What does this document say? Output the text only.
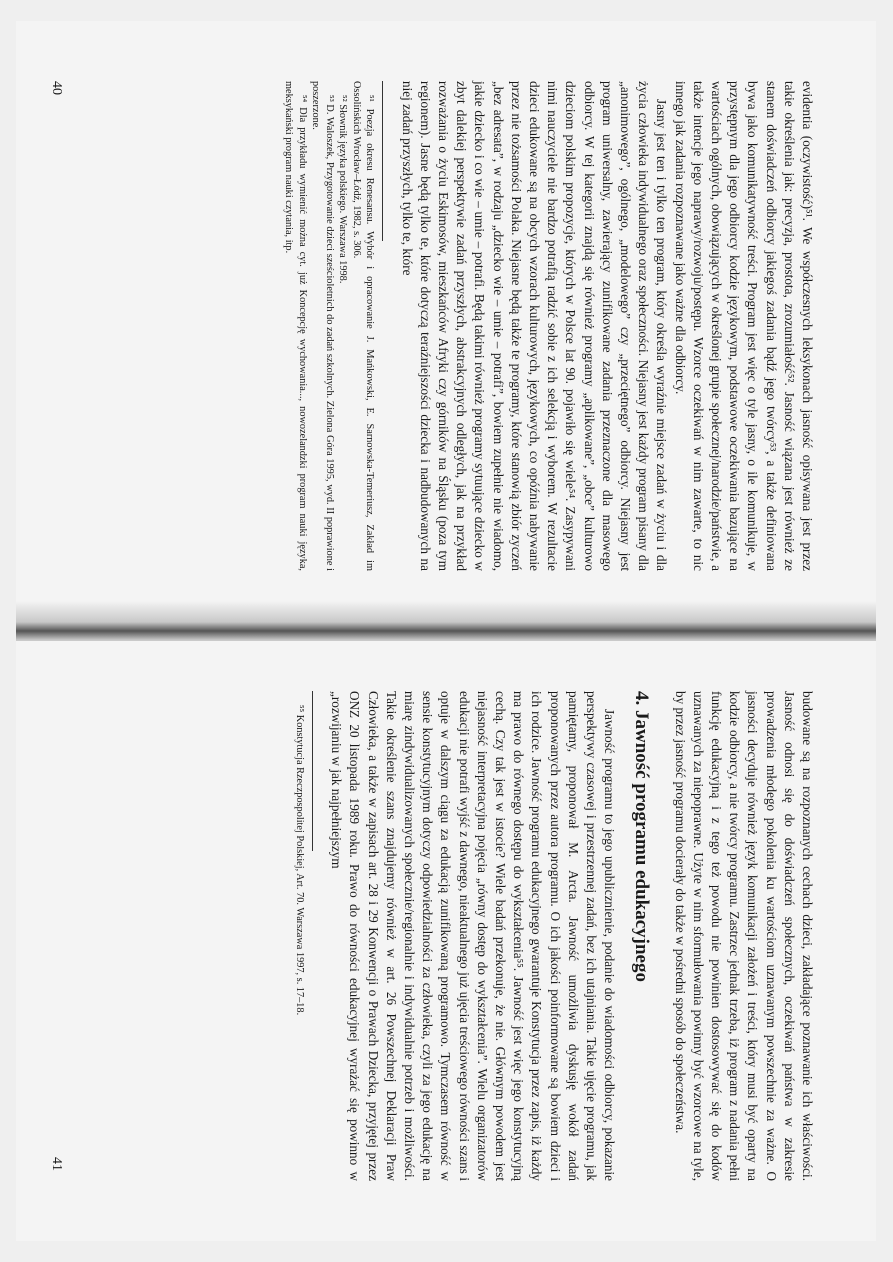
evidentia (oczywistość)⁵¹. We współczesnych leksykonach jasność opisywana jest przez takie określenia jak: precyzja, prostota, zrozumiałość⁵². Jasność wiązana jest również ze stanem doświadczeń odbiorcy jakiegoś zadania bądź jego twórcy⁵³, a także definiowana bywa jako komunikatywność treści. Program jest więc o tyle jasny, o ile komunikuje, w przystępnym dla jego odbiorcy kodzie językowym, podstawowe oczekiwania bazujące na wartościach ogólnych, obowiązujących w określonej grupie społecznej/narodzie/państwie, a także intencje jego naprawy/rozwoju/postępu. Wzorce oczekiwań w nim zawarte, to nic innego jak zadania rozpoznawane jako ważne dla odbiorcy.

Jasny jest ten i tylko ten program, który określa wyraźnie miejsce zadań w życiu i dla życia człowieka indywidualnego oraz społeczności. Niejasny jest każdy program pisany dla „anonimowego”, ogólnego, „modelowego” czy „przeciętnego” odbiorcy. Niejasny jest program uniwersalny, zawierający zunifikowane zadania przeznaczone dla masowego odbiorcy. W tej kategorii znajdą się również programy „aplikowane”, „obce” kulturowo dzieciom polskim propozycje, których w Polsce lat 90. pojawiło się wiele⁵⁴. Zasypywani nimi nauczyciele nie bardzo potrafią radzić sobie z ich selekcją i wyborem. W rezultacie dzieci edukowane są na obcych wzorach kulturowych, językowych, co opóźnia nabywanie przez nie tożsamości Polaka. Niejasne będą także te programy, które stanowią zbiór zyczeń „bez adresata”, w rodzaju „dziecko wie – umie – potrafi”, bowiem zupełnie nie wiadomo, jakie dziecko i co wie – umie – potrafi. Będą takimi również programy sytuujące dziecko w zbyt dalekiej perspektywie zadań przyszłych, abstrakcyjnych odległych, jak na przykład rozważania o życiu Eskimosów, mieszkańców Afryki czy górników na Śląsku (poza tym regionem). Jasne będą tylko te, które dotyczą teraźniejszości dziecka i nadbudowanych na niej zadań przyszłych, tylko te, które

⁵¹ Poezja okresu Renesansu. Wybór i opracowanie J. Mańkowski, E. Sarnowska-Temeriusz, Zakład im Ossolińskich Wrocław–Łódź, 1982, s. 306.

⁵² Słownik języka polskiego. Warszawa 1998.

⁵³ D. Waloszek, Przygotowanie dzieci sześcioletnich do zadań szkolnych. Zielona Góra 1995, wyd. II poprawione i poszerzone.

⁵⁴ Dla przykładu wymienić można cyt. już Koncepcję wychowania..., nowozelandzki program nauki języka, meksykański program nauki czytania, itp.

40

budowane są na rozpoznanych cechach dzieci, zakładające poznawanie ich właściwości. Jasność odnosi się do doświadczeń społecznych, oczekiwań państwa w zakresie prowadzenia młodego pokolenia ku wartościom uznawanym powszechnie za ważne. O jasności decyduje również język komunikacji założeń i treści, który musi być oparty na kodzie odbiorcy, a nie twórcy programu. Zastrzec jednak trzeba, iż program z nadania pełni funkcję edukacyjną i z tego też powodu nie powinien dostosowywać się do kodów uznawanych za niepoprawne. Użyte w nim sformułowania powinny być wzorcowe na tyle, by przez jasność programu docierały do także w pośredni sposób do społeczeństwa.

4. Jawność programu edukacyjnego

Jawność programu to jego upublicznienie, podanie do wiadomości odbiorcy, pokazanie perspektywy czasowej i przestrzennej zadań, bez ich utajniania. Takie ujęcie programu, jak pamiętamy, proponował M. Arcta. Jawność umożliwia dyskusję wokół zadań proponowanych przez autora programu. O ich jakości poinformowane są bowiem dzieci i ich rodzice. Jawność programu edukacyjnego gwarantuje Konstytucja przez zapis, iż każdy ma prawo do równego dostępu do wykształcenia⁵⁵. Jawność jest więc jego konstytucyjną cechą. Czy tak jest w istocie? Wiele badań przekonuje, że nie. Głównym powodem jest niejasność interpretacyjna pojęcia „równy dostęp do wykształcenia”. Wielu organizatorów edukacji nie potrafi wyjść z dawnego, nieaktualnego już ujęcia treściowego równości szans i optuje w dalszym ciągu za edukacją zunifikowaną programowo. Tymczasem równość w sensie konstytucyjnym dotyczy odpowiedzialności za człowieka, czyli za jego edukację na miarę zindywidualizowanych społecznie/regionalnie i indywidualnie potrzeb i możliwości. Takie określenie szans znajdujemy również w art. 26 Powszechnej Deklaracji Praw Człowieka, a także w zapisach art. 28 i 29 Konwencji o Prawach Dziecka, przyjętej przez ONZ 20 listopada 1989 roku. Prawo do równości edukacyjnej wyrażać się powinno w „rozwijaniu w jak najpełniejszym

⁵⁵ Konstytucja Rzeczpospolitej Polskiej, Art. 70. Warszawa 1997, s. 17–18.

41
